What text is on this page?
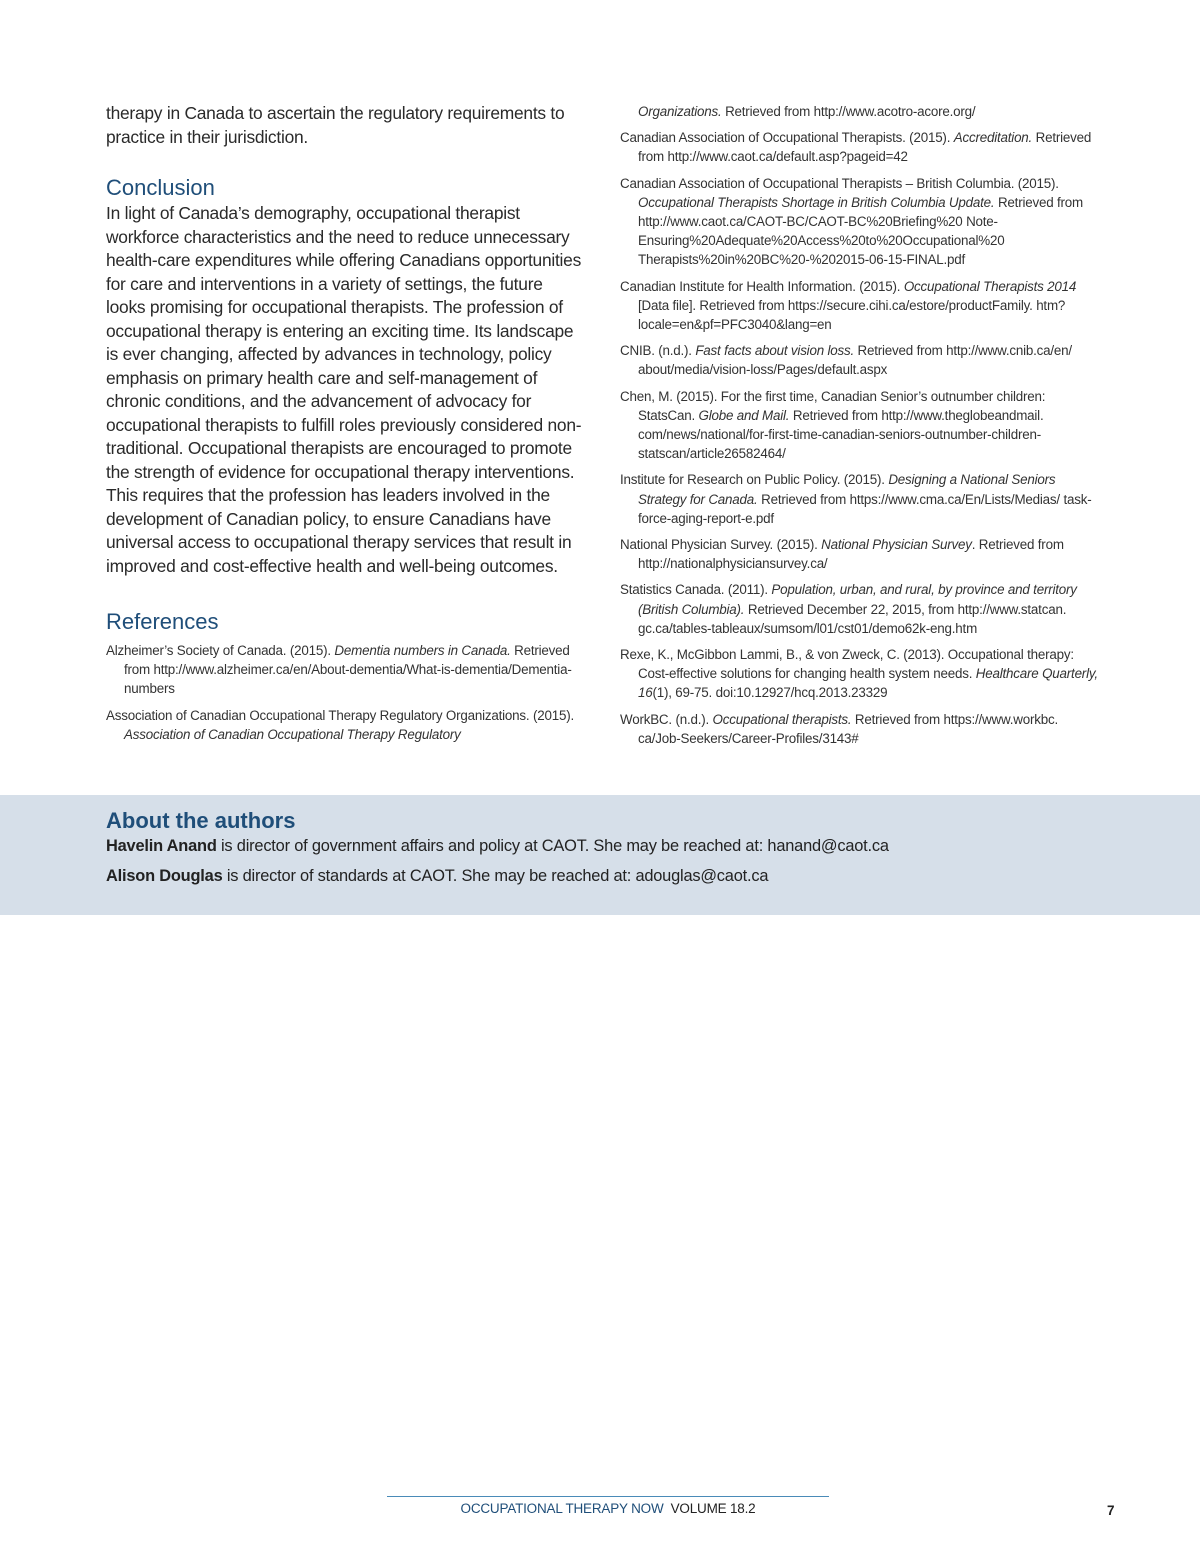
therapy in Canada to ascertain the regulatory requirements to practice in their jurisdiction.

Conclusion

In light of Canada’s demography, occupational therapist workforce characteristics and the need to reduce unnecessary health-care expenditures while offering Canadians opportunities for care and interventions in a variety of settings, the future looks promising for occupational therapists. The profession of occupational therapy is entering an exciting time. Its landscape is ever changing, affected by advances in technology, policy emphasis on primary health care and self-management of chronic conditions, and the advancement of advocacy for occupational therapists to fulfill roles previously considered non-traditional. Occupational therapists are encouraged to promote the strength of evidence for occupational therapy interventions. This requires that the profession has leaders involved in the development of Canadian policy, to ensure Canadians have universal access to occupational therapy services that result in improved and cost-effective health and well-being outcomes.

References

Alzheimer’s Society of Canada. (2015). Dementia numbers in Canada. Retrieved from http://www.alzheimer.ca/en/About-dementia/What-is-dementia/Dementia-numbers

Association of Canadian Occupational Therapy Regulatory Organizations. (2015). Association of Canadian Occupational Therapy Regulatory

Organizations. Retrieved from http://www.acotro-acore.org/

Canadian Association of Occupational Therapists. (2015). Accreditation. Retrieved from http://www.caot.ca/default.asp?pageid=42

Canadian Association of Occupational Therapists – British Columbia. (2015). Occupational Therapists Shortage in British Columbia Update. Retrieved from http://www.caot.ca/CAOT-BC/CAOT-BC%20Briefing%20 Note-Ensuring%20Adequate%20Access%20to%20Occupational%20 Therapists%20in%20BC%20-%202015-06-15-FINAL.pdf

Canadian Institute for Health Information. (2015). Occupational Therapists 2014 [Data file]. Retrieved from https://secure.cihi.ca/estore/productFamily. htm?locale=en&pf=PFC3040&lang=en

CNIB. (n.d.). Fast facts about vision loss. Retrieved from http://www.cnib.ca/en/ about/media/vision-loss/Pages/default.aspx

Chen, M. (2015). For the first time, Canadian Senior’s outnumber children: StatsCan. Globe and Mail. Retrieved from http://www.theglobeandmail. com/news/national/for-first-time-canadian-seniors-outnumber-children-statscan/article26582464/

Institute for Research on Public Policy. (2015). Designing a National Seniors Strategy for Canada. Retrieved from https://www.cma.ca/En/Lists/Medias/ task-force-aging-report-e.pdf

National Physician Survey. (2015). National Physician Survey. Retrieved from http://nationalphysiciansurvey.ca/

Statistics Canada. (2011). Population, urban, and rural, by province and territory (British Columbia). Retrieved December 22, 2015, from http://www.statcan. gc.ca/tables-tableaux/sumsom/l01/cst01/demo62k-eng.htm

Rexe, K., McGibbon Lammi, B., & von Zweck, C. (2013). Occupational therapy: Cost-effective solutions for changing health system needs. Healthcare Quarterly, 16(1), 69-75. doi:10.12927/hcq.2013.23329

WorkBC. (n.d.). Occupational therapists. Retrieved from https://www.workbc. ca/Job-Seekers/Career-Profiles/3143#

About the authors

Havelin Anand is director of government affairs and policy at CAOT. She may be reached at: hanand@caot.ca

Alison Douglas is director of standards at CAOT. She may be reached at: adouglas@caot.ca

OCCUPATIONAL THERAPY NOW VOLUME 18.2	7
